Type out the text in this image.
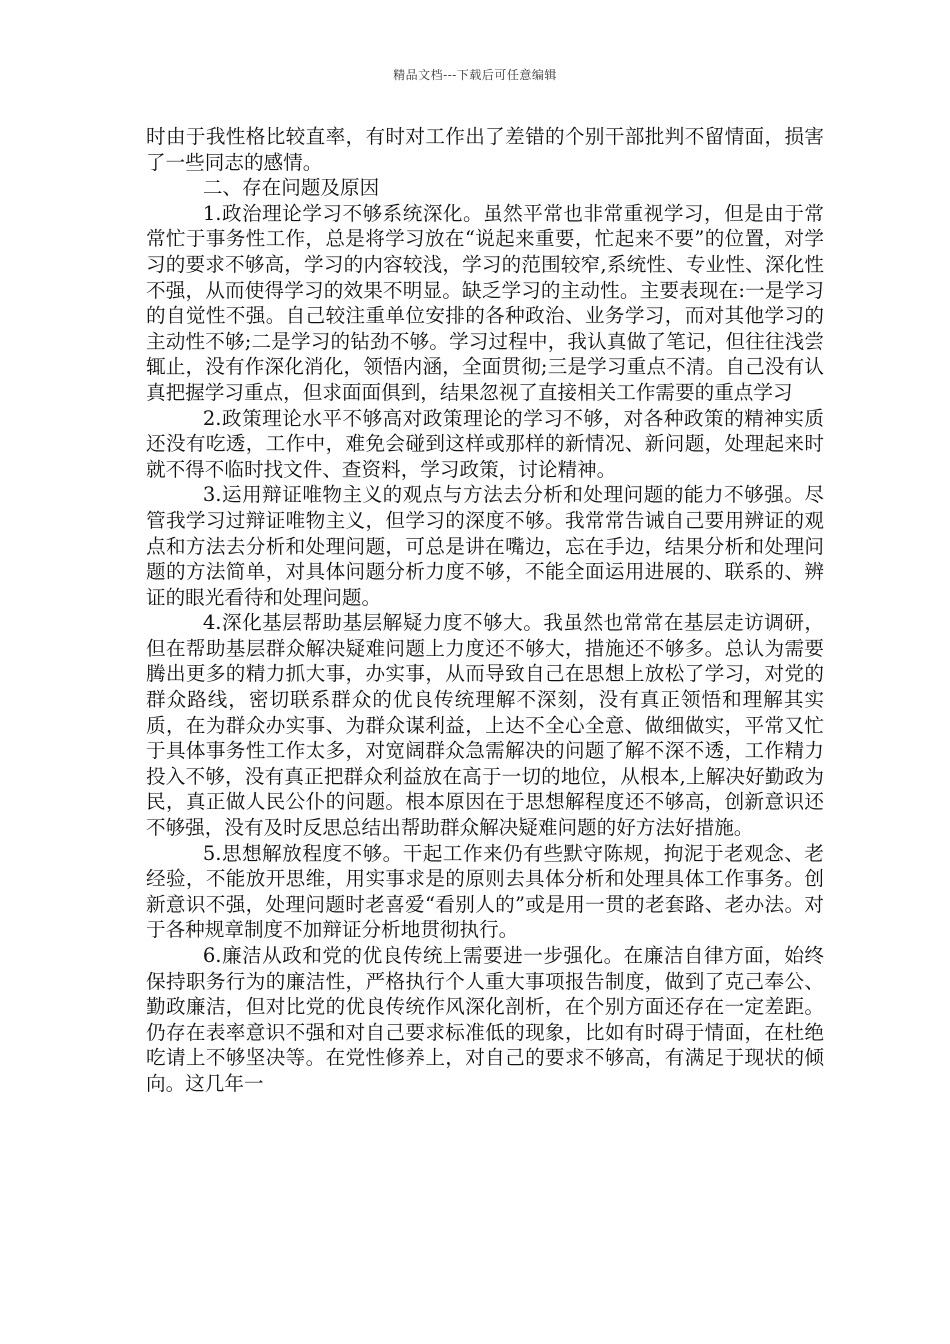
精品文档---下载后可任意编辑

时由于我性格比较直率，有时对工作出了差错的个别干部批判不留情面，损害了一些同志的感情。

二、存在问题及原因

1.政治理论学习不够系统深化。虽然平常也非常重视学习，但是由于常常忙于事务性工作，总是将学习放在“说起来重要，忙起来不要”的位置，对学习的要求不够高，学习的内容较浅，学习的范围较窄,系统性、专业性、深化性不强，从而使得学习的效果不明显。缺乏学习的主动性。主要表现在:一是学习的自觉性不强。自己较注重单位安排的各种政治、业务学习，而对其他学习的主动性不够;二是学习的钻劲不够。学习过程中，我认真做了笔记，但往往浅尝辄止，没有作深化消化，领悟内涵，全面贯彻;三是学习重点不清。自己没有认真把握学习重点，但求面面俱到，结果忽视了直接相关工作需要的重点学习

2.政策理论水平不够高对政策理论的学习不够，对各种政策的精神实质还没有吃透，工作中，难免会碰到这样或那样的新情况、新问题，处理起来时就不得不临时找文件、查资料，学习政策，讨论精神。

3.运用辩证唯物主义的观点与方法去分析和处理问题的能力不够强。尽管我学习过辩证唯物主义，但学习的深度不够。我常常告诫自己要用辨证的观点和方法去分析和处理问题，可总是讲在嘴边，忘在手边，结果分析和处理问题的方法简单，对具体问题分析力度不够，不能全面运用进展的、联系的、辨证的眼光看待和处理问题。

4.深化基层帮助基层解疑力度不够大。我虽然也常常在基层走访调研，但在帮助基层群众解决疑难问题上力度还不够大，措施还不够多。总认为需要腾出更多的精力抓大事，办实事，从而导致自己在思想上放松了学习，对党的群众路线，密切联系群众的优良传统理解不深刻，没有真正领悟和理解其实质，在为群众办实事、为群众谋利益，上达不全心全意、做细做实，平常又忙于具体事务性工作太多，对宽阔群众急需解决的问题了解不深不透，工作精力投入不够，没有真正把群众利益放在高于一切的地位，从根本,上解决好勤政为民，真正做人民公仆的问题。根本原因在于思想解程度还不够高，创新意识还不够强，没有及时反思总结出帮助群众解决疑难问题的好方法好措施。

5.思想解放程度不够。干起工作来仍有些默守陈规，拘泥于老观念、老经验，不能放开思维，用实事求是的原则去具体分析和处理具体工作事务。创新意识不强，处理问题时老喜爱“看别人的”或是用一贯的老套路、老办法。对于各种规章制度不加辩证分析地贯彻执行。

6.廉洁从政和党的优良传统上需要进一步强化。在廉洁自律方面，始终保持职务行为的廉洁性，严格执行个人重大事项报告制度，做到了克己奉公、勤政廉洁，但对比党的优良传统作风深化剖析，在个别方面还存在一定差距。仍存在表率意识不强和对自己要求标准低的现象，比如有时碍于情面，在杜绝吃请上不够坚决等。在党性修养上，对自己的要求不够高，有满足于现状的倾向。这几年一
